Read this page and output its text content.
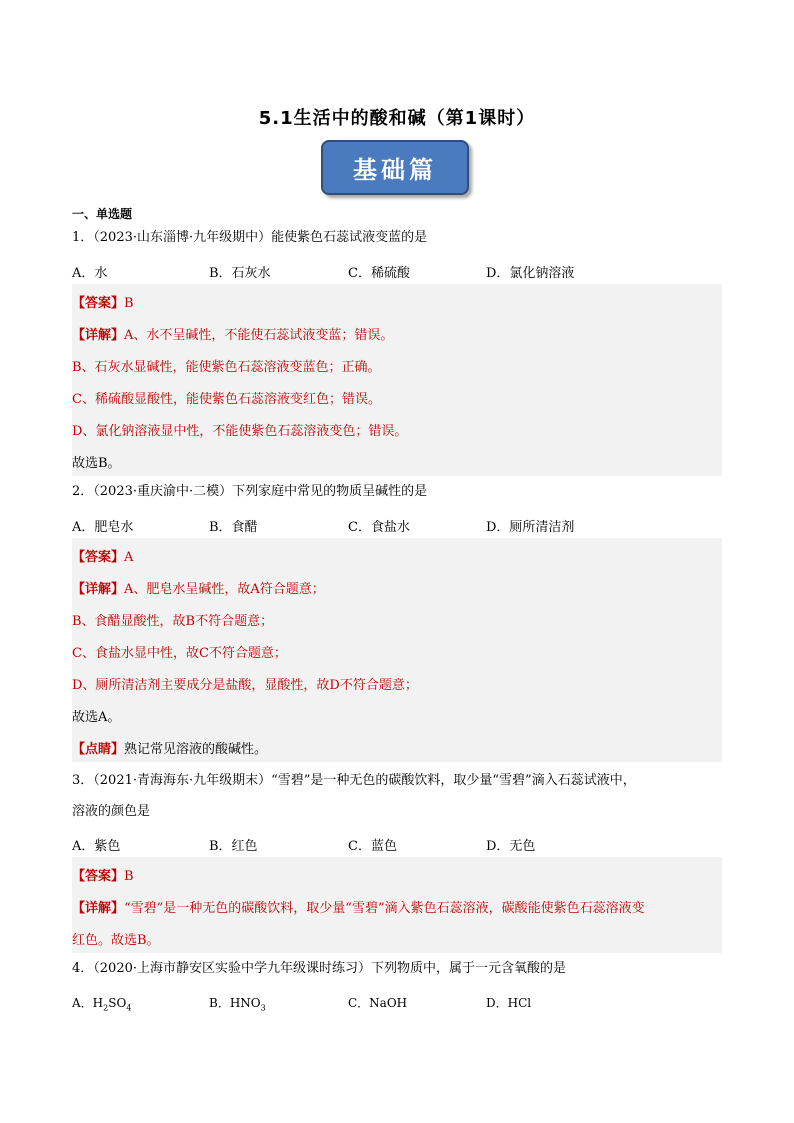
5.1生活中的酸和碱（第1课时）
基础篇
一、单选题
1．（2023·山东淄博·九年级期中）能使紫色石蕊试液变蓝的是
A．水	B．石灰水	C．稀硫酸	D．氯化钠溶液
【答案】B
【详解】A、水不呈碱性，不能使石蕊试液变蓝；错误。
B、石灰水显碱性，能使紫色石蕊溶液变蓝色；正确。
C、稀硫酸显酸性，能使紫色石蕊溶液变红色；错误。
D、氯化钠溶液显中性，不能使紫色石蕊溶液变色；错误。
故选B。
2．（2023·重庆渝中·二模）下列家庭中常见的物质呈碱性的是
A．肥皂水	B．食醋	C．食盐水	D．厕所清洁剂
【答案】A
【详解】A、肥皂水呈碱性，故A符合题意；
B、食醋显酸性，故B不符合题意；
C、食盐水显中性，故C不符合题意；
D、厕所清洁剂主要成分是盐酸，显酸性，故D不符合题意；
故选A。
【点睛】熟记常见溶液的酸碱性。
3．（2021·青海海东·九年级期末）“雪碧”是一种无色的碳酸饮料，取少量“雪碧”滴入石蕊试液中，
溶液的颜色是
A．紫色	B．红色	C．蓝色	D．无色
【答案】B
【详解】“雪碧”是一种无色的碳酸饮料，取少量“雪碧”滴入紫色石蕊溶液，碳酸能使紫色石蕊溶液变
红色。故选B。
4．（2020·上海市静安区实验中学九年级课时练习）下列物质中，属于一元含氧酸的是
A．$H_2SO_4$	B．$HNO_3$	C．NaOH	D．HCl
